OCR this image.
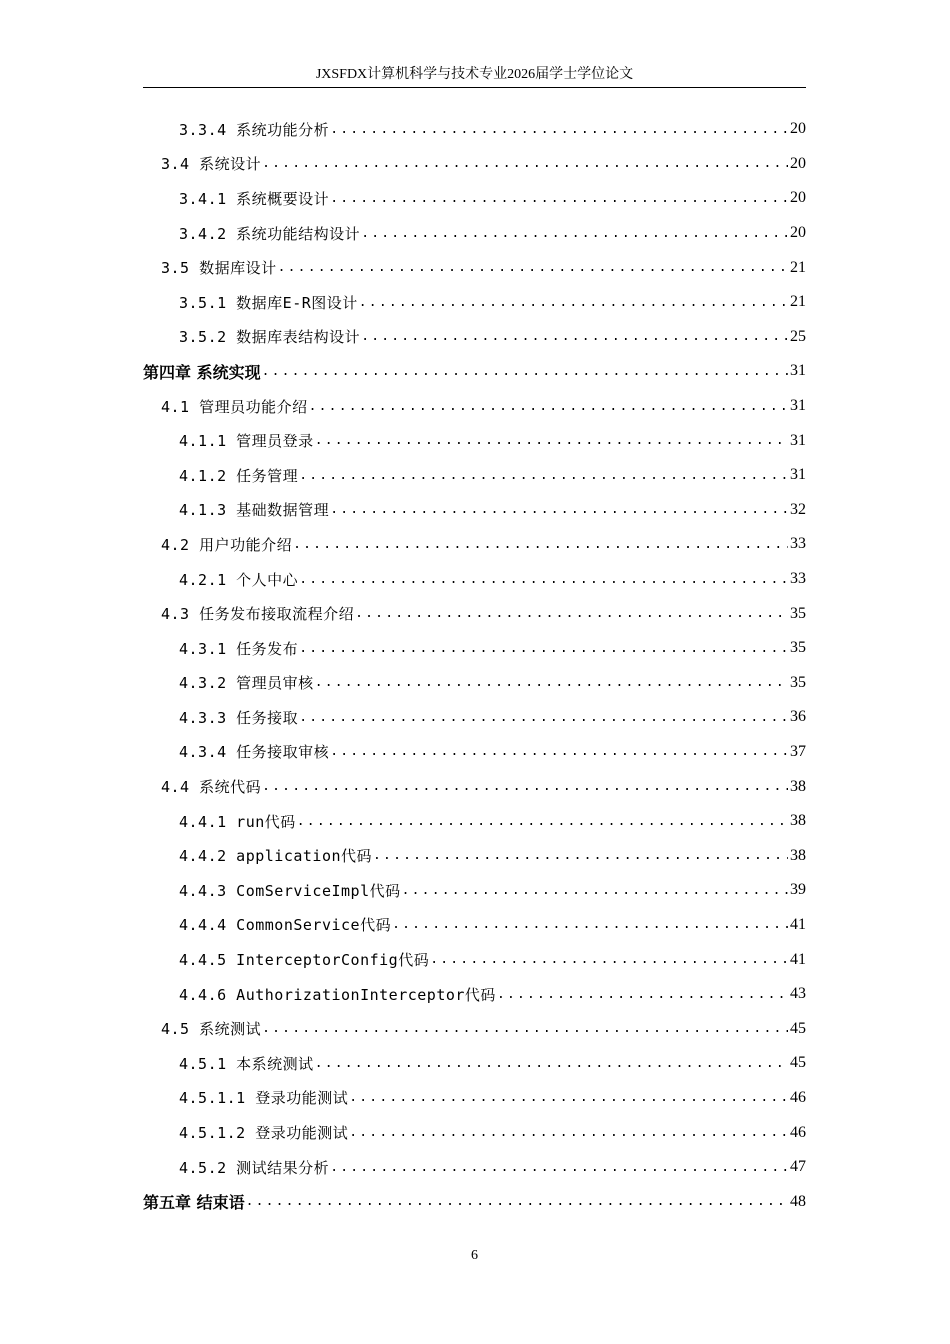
JXSFDX计算机科学与技术专业2026届学士学位论文
3.3.4 系统功能分析 .....	20
3.4 系统设计 .....	20
3.4.1 系统概要设计 .....	20
3.4.2 系统功能结构设计 .....	20
3.5 数据库设计 .....	21
3.5.1 数据库E-R图设计 .....	21
3.5.2 数据库表结构设计 .....	25
第四章 系统实现 .....	31
4.1 管理员功能介绍 .....	31
4.1.1 管理员登录 .....	31
4.1.2 任务管理 .....	31
4.1.3 基础数据管理 .....	32
4.2 用户功能介绍 .....	33
4.2.1 个人中心 .....	33
4.3 任务发布接取流程介绍 .....	35
4.3.1 任务发布 .....	35
4.3.2 管理员审核 .....	35
4.3.3 任务接取 .....	36
4.3.4 任务接取审核 .....	37
4.4 系统代码 .....	38
4.4.1 run代码 .....	38
4.4.2 application代码 .....	38
4.4.3 ComServiceImpl代码 .....	39
4.4.4 CommonService代码 .....	41
4.4.5 InterceptorConfig代码 .....	41
4.4.6 AuthorizationInterceptor代码 .....	43
4.5 系统测试 .....	45
4.5.1 本系统测试 .....	45
4.5.1.1 登录功能测试 .....	46
4.5.1.2 登录功能测试 .....	46
4.5.2 测试结果分析 .....	47
第五章 结束语 .....	48
6
